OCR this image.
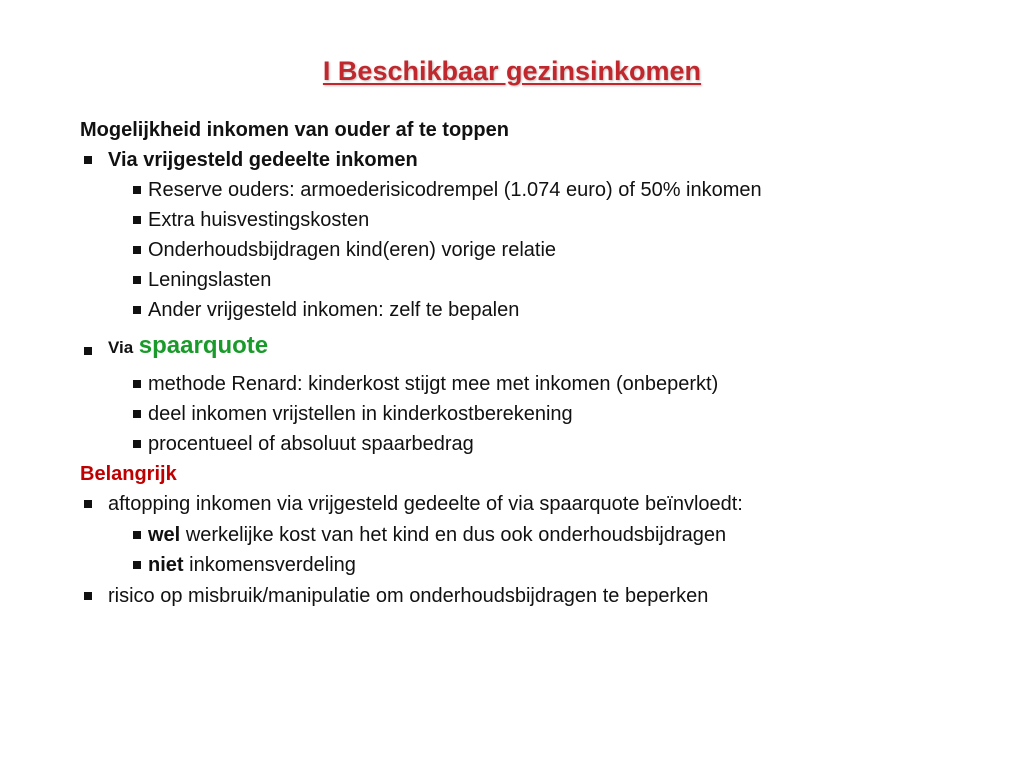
I Beschikbaar gezinsinkomen
Mogelijkheid inkomen van ouder af te toppen
Via vrijgesteld gedeelte inkomen
Reserve ouders: armoederisicodrempel (1.074 euro) of 50% inkomen
Extra huisvestingskosten
Onderhoudsbijdragen kind(eren) vorige relatie
Leningslasten
Ander vrijgesteld inkomen: zelf te bepalen
Via spaarquote
methode Renard: kinderkost stijgt mee met inkomen (onbeperkt)
deel inkomen vrijstellen in kinderkostberekening
procentueel of absoluut spaarbedrag
Belangrijk
aftopping inkomen via vrijgesteld gedeelte of via spaarquote beïnvloedt:
wel werkelijke kost van het kind en dus ook onderhoudsbijdragen
niet inkomensverdeling
risico op misbruik/manipulatie om onderhoudsbijdragen te beperken
